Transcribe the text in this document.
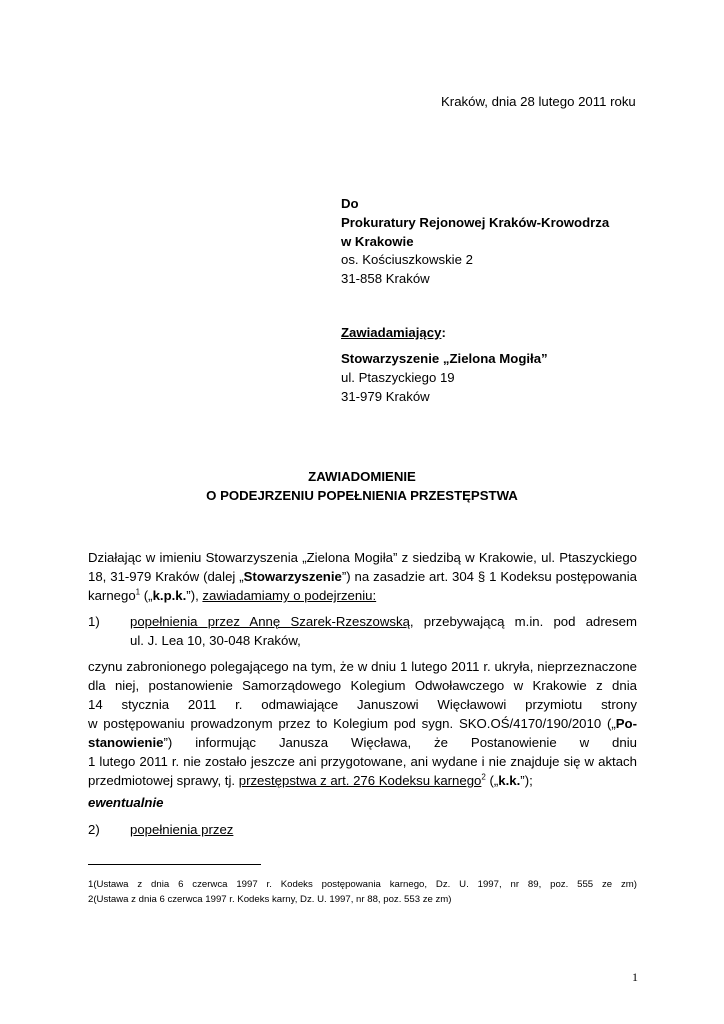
Kraków, dnia 28 lutego 2011 roku
Do
Prokuratury Rejonowej Kraków-Krowodrza
w Krakowie
os. Kościuszkowskie 2
31-858 Kraków
Zawiadamiający:
Stowarzyszenie „Zielona Mogiła”
ul. Ptaszyckiego 19
31-979 Kraków
ZAWIADOMIENIE
O PODEJRZENIU POPEŁNIENIA PRZESTĘPSTWA
Działając w imieniu Stowarzyszenia „Zielona Mogiła” z siedzibą w Krakowie, ul. Ptaszyckiego
18, 31-979 Kraków (dalej „Stowarzyszenie”) na zasadzie art. 304 § 1 Kodeksu postępowania
karnego$^1$ („k.p.k.”), zawiadamiamy o podejrzeniu:
1) popełnienia przez Annę Szarek-Rzeszowską, przebywającą m.in. pod adresem
ul. J. Lea 10, 30-048 Kraków,
czynu zabronionego polegającego na tym, że w dniu 1 lutego 2011 r. ukryła, nieprzeznaczone
dla niej, postanowienie Samorządowego Kolegium Odwoławczego w Krakowie z dnia
14 stycznia 2011 r. odmawiające Januszowi Więcławowi przymiotu strony
w postępowaniu prowadzonym przez to Kolegium pod sygn. SKO.OŚ/4170/190/2010 („Po-
stanowienie”) informując Janusza Więcława, że Postanowienie w dniu
1 lutego 2011 r. nie zostało jeszcze ani przygotowane, ani wydane i nie znajduje się w aktach
przedmiotowej sprawy, tj. przestępstwa z art. 276 Kodeksu karnego$^2$ („k.k.”);
ewentualnie
2) popełnienia przez
1(Ustawa z dnia 6 czerwca 1997 r. Kodeks postępowania karnego, Dz. U. 1997, nr 89, poz. 555 ze zm)
2(Ustawa z dnia 6 czerwca 1997 r. Kodeks karny, Dz. U. 1997, nr 88, poz. 553 ze zm)
1
